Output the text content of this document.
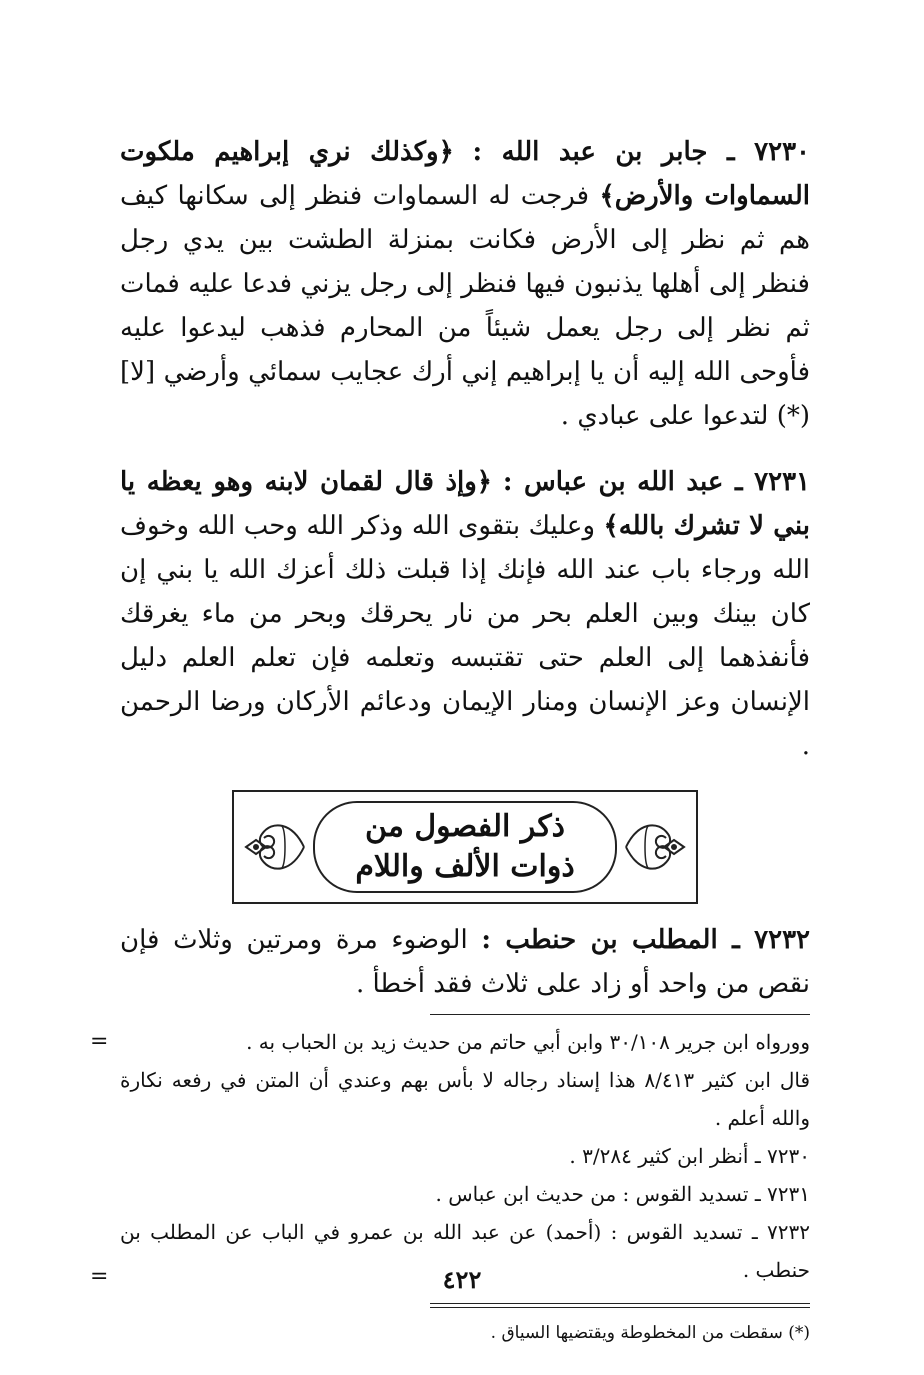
٧٢٣٠ ـ جابر بن عبد الله : ﴿وكذلك نري إبراهيم ملكوت السماوات والأرض﴾ فرجت له السماوات فنظر إلى سكانها كيف هم ثم نظر إلى الأرض فكانت بمنزلة الطشت بين يدي رجل فنظر إلى أهلها يذنبون فيها فنظر إلى رجل يزني فدعا عليه فمات ثم نظر إلى رجل يعمل شيئاً من المحارم فذهب ليدعوا عليه فأوحى الله إليه أن يا إبراهيم إني أرك عجايب سمائي وأرضي [لا](*) لتدعوا على عبادي .

٧٢٣١ ـ عبد الله بن عباس : ﴿وإذ قال لقمان لابنه وهو يعظه يا بني لا تشرك بالله﴾ وعليك بتقوى الله وذكر الله وحب الله وخوف الله ورجاء باب عند الله فإنك إذا قبلت ذلك أعزك الله يا بني إن كان بينك وبين العلم بحر من نار يحرقك وبحر من ماء يغرقك فأنفذهما إلى العلم حتى تقتبسه وتعلمه فإن تعلم العلم دليل الإنسان وعز الإنسان ومنار الإيمان ودعائم الأركان ورضا الرحمن .

ذكر الفصول من
ذوات الألف واللام

٧٢٣٢ ـ المطلب بن حنطب : الوضوء مرة ومرتين وثلاث فإن نقص من واحد أو زاد على ثلاث فقد أخطأ .

=	وورواه ابن جرير ٣٠/١٠٨ وابن أبي حاتم من حديث زيد بن الحباب به .

قال ابن كثير ٨/٤١٣ هذا إسناد رجاله لا بأس بهم وعندي أن المتن في رفعه نكارة والله أعلم .

٧٢٣٠ ـ أنظر ابن كثير ٣/٢٨٤ .

٧٢٣١ ـ تسديد القوس : من حديث ابن عباس .

٧٢٣٢ ـ تسديد القوس : (أحمد) عن عبد الله بن عمرو في الباب عن المطلب بن حنطب .

=

(*) سقطت من المخطوطة ويقتضيها السياق .

٤٢٢
